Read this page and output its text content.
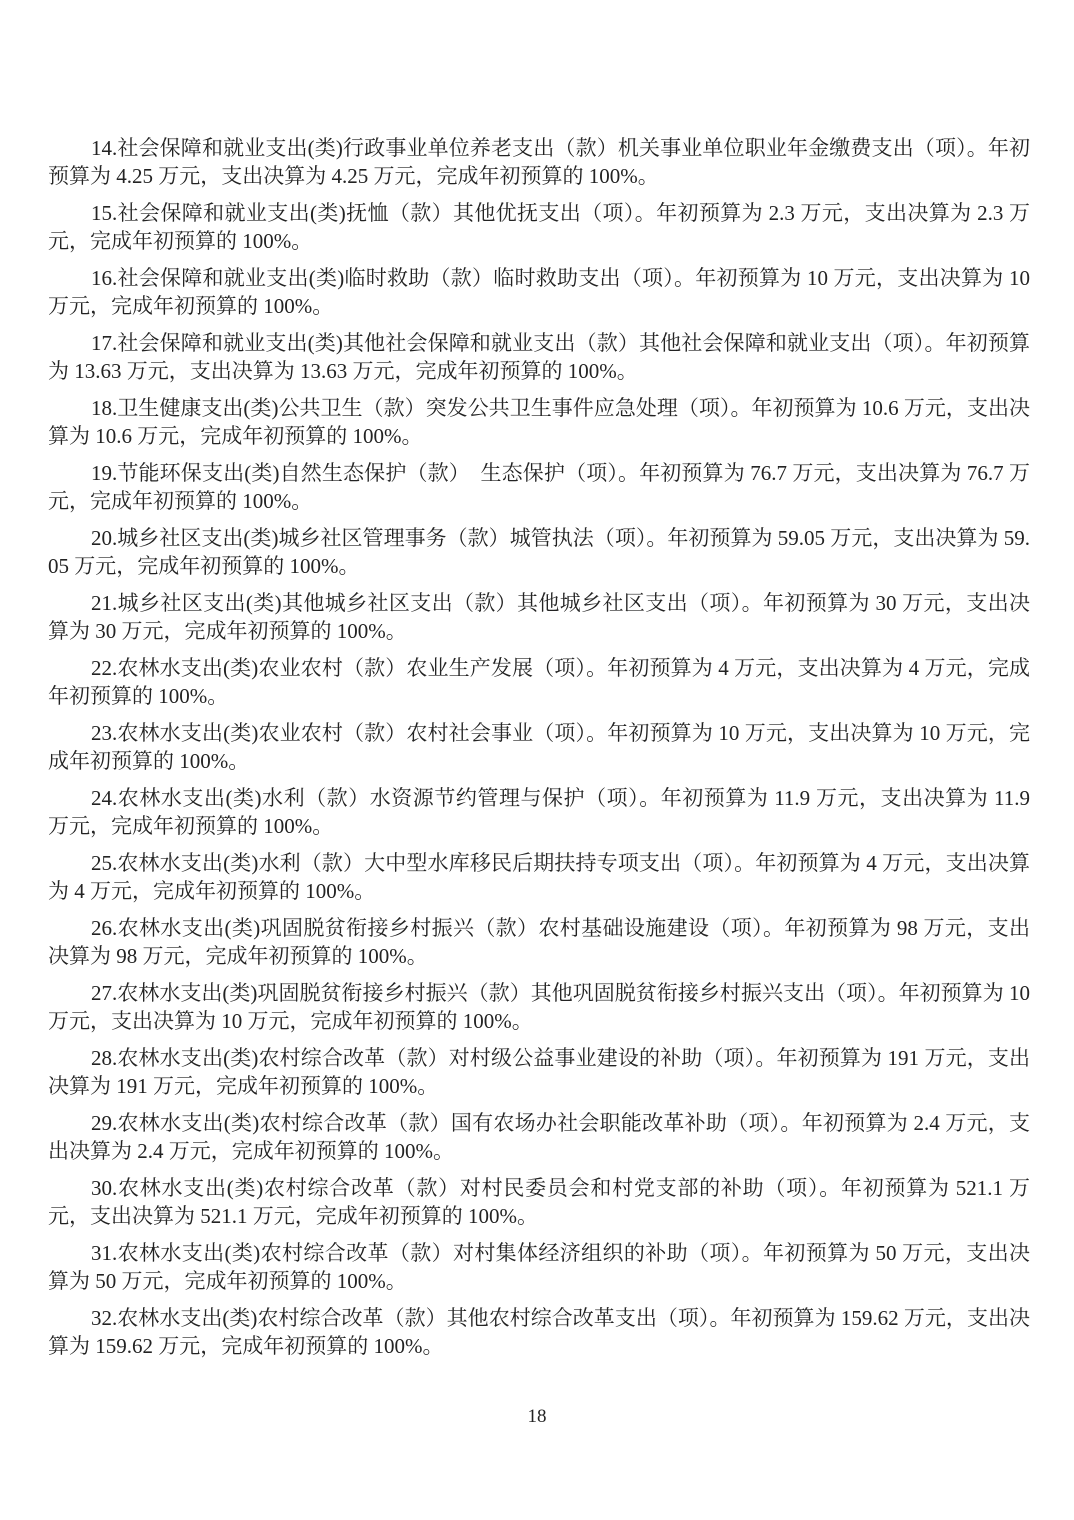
14.社会保障和就业支出(类)行政事业单位养老支出（款）机关事业单位职业年金缴费支出（项）。年初预算为 4.25 万元，支出决算为 4.25 万元，完成年初预算的 100%。

15.社会保障和就业支出(类)抚恤（款）其他优抚支出（项）。年初预算为 2.3 万元，支出决算为 2.3 万元，完成年初预算的 100%。

16.社会保障和就业支出(类)临时救助（款）临时救助支出（项）。年初预算为 10 万元，支出决算为 10 万元，完成年初预算的 100%。

17.社会保障和就业支出(类)其他社会保障和就业支出（款）其他社会保障和就业支出（项）。年初预算为 13.63 万元，支出决算为 13.63 万元，完成年初预算的 100%。

18.卫生健康支出(类)公共卫生（款）突发公共卫生事件应急处理（项）。年初预算为 10.6 万元，支出决算为 10.6 万元，完成年初预算的 100%。

19.节能环保支出(类)自然生态保护（款）　生态保护（项）。年初预算为 76.7 万元，支出决算为 76.7 万元，完成年初预算的 100%。

20.城乡社区支出(类)城乡社区管理事务（款）城管执法（项）。年初预算为 59.05 万元，支出决算为 59.05 万元，完成年初预算的 100%。

21.城乡社区支出(类)其他城乡社区支出（款）其他城乡社区支出（项）。年初预算为 30 万元，支出决算为 30 万元，完成年初预算的 100%。

22.农林水支出(类)农业农村（款）农业生产发展（项）。年初预算为 4 万元，支出决算为 4 万元，完成年初预算的 100%。

23.农林水支出(类)农业农村（款）农村社会事业（项）。年初预算为 10 万元，支出决算为 10 万元，完成年初预算的 100%。

24.农林水支出(类)水利（款）水资源节约管理与保护（项）。年初预算为 11.9 万元，支出决算为 11.9 万元，完成年初预算的 100%。

25.农林水支出(类)水利（款）大中型水库移民后期扶持专项支出（项）。年初预算为 4 万元，支出决算为 4 万元，完成年初预算的 100%。

26.农林水支出(类)巩固脱贫衔接乡村振兴（款）农村基础设施建设（项）。年初预算为 98 万元，支出决算为 98 万元，完成年初预算的 100%。

27.农林水支出(类)巩固脱贫衔接乡村振兴（款）其他巩固脱贫衔接乡村振兴支出（项）。年初预算为 10 万元，支出决算为 10 万元，完成年初预算的 100%。

28.农林水支出(类)农村综合改革（款）对村级公益事业建设的补助（项）。年初预算为 191 万元，支出决算为 191 万元，完成年初预算的 100%。

29.农林水支出(类)农村综合改革（款）国有农场办社会职能改革补助（项）。年初预算为 2.4 万元，支出决算为 2.4 万元，完成年初预算的 100%。

30.农林水支出(类)农村综合改革（款）对村民委员会和村党支部的补助（项）。年初预算为 521.1 万元，支出决算为 521.1 万元，完成年初预算的 100%。

31.农林水支出(类)农村综合改革（款）对村集体经济组织的补助（项）。年初预算为 50 万元，支出决算为 50 万元，完成年初预算的 100%。

32.农林水支出(类)农村综合改革（款）其他农村综合改革支出（项）。年初预算为 159.62 万元，支出决算为 159.62 万元，完成年初预算的 100%。

18
